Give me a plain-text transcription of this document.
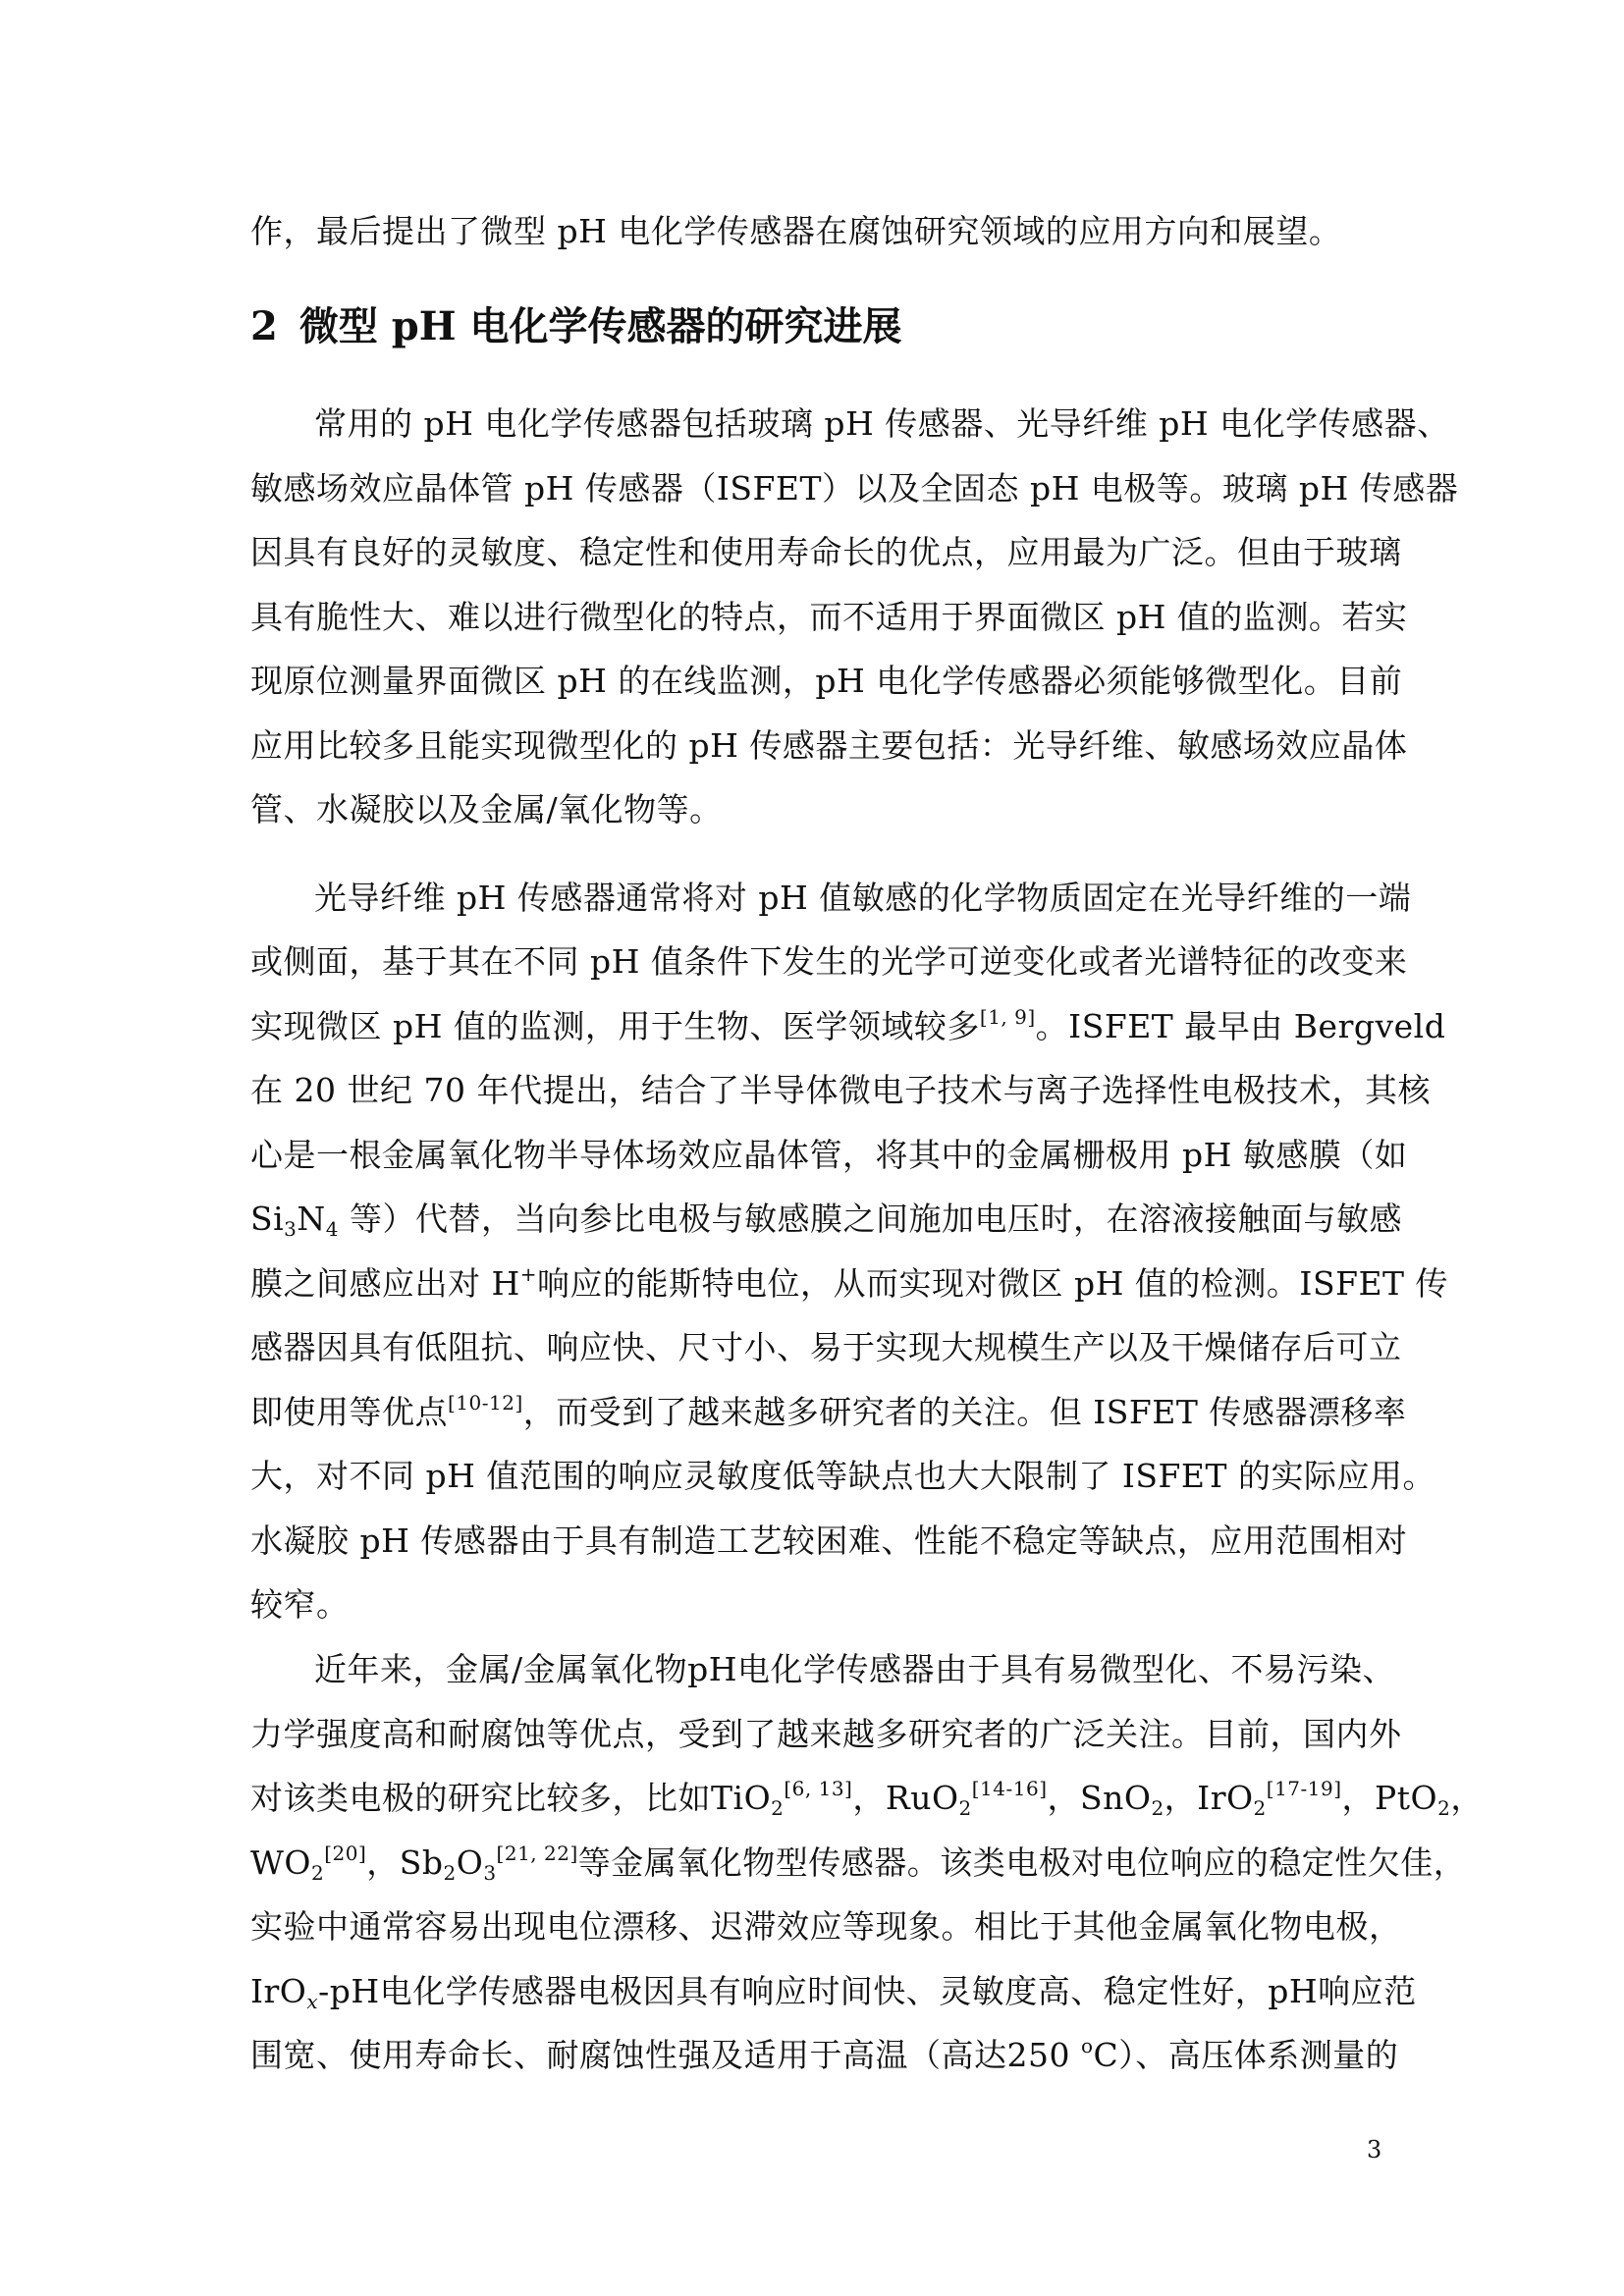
作，最后提出了微型 pH 电化学传感器在腐蚀研究领域的应用方向和展望。
2 微型 pH 电化学传感器的研究进展
常用的 pH 电化学传感器包括玻璃 pH 传感器、光导纤维 pH 电化学传感器、
敏感场效应晶体管 pH 传感器（ISFET）以及全固态 pH 电极等。玻璃 pH 传感器
因具有良好的灵敏度、稳定性和使用寿命长的优点，应用最为广泛。但由于玻璃
具有脆性大、难以进行微型化的特点，而不适用于界面微区 pH 值的监测。若实
现原位测量界面微区 pH 的在线监测，pH 电化学传感器必须能够微型化。目前
应用比较多且能实现微型化的 pH 传感器主要包括：光导纤维、敏感场效应晶体
管、水凝胶以及金属/氧化物等。
光导纤维 pH 传感器通常将对 pH 值敏感的化学物质固定在光导纤维的一端
或侧面，基于其在不同 pH 值条件下发生的光学可逆变化或者光谱特征的改变来
实现微区 pH 值的监测，用于生物、医学领域较多[1, 9]。ISFET 最早由 Bergveld
在 20 世纪 70 年代提出，结合了半导体微电子技术与离子选择性电极技术，其核
心是一根金属氧化物半导体场效应晶体管，将其中的金属栅极用 pH 敏感膜（如
$Si_3N_4$ 等）代替，当向参比电极与敏感膜之间施加电压时，在溶液接触面与敏感
膜之间感应出对 H+响应的能斯特电位，从而实现对微区 pH 值的检测。ISFET 传
感器因具有低阻抗、响应快、尺寸小、易于实现大规模生产以及干燥储存后可立
即使用等优点[10-12]，而受到了越来越多研究者的关注。但 ISFET 传感器漂移率
大，对不同 pH 值范围的响应灵敏度低等缺点也大大限制了 ISFET 的实际应用。
水凝胶 pH 传感器由于具有制造工艺较困难、性能不稳定等缺点，应用范围相对
较窄。
近年来，金属/金属氧化物pH电化学传感器由于具有易微型化、不易污染、
力学强度高和耐腐蚀等优点，受到了越来越多研究者的广泛关注。目前，国内外
对该类电极的研究比较多，比如TiO$_2$[6, 13]，RuO$_2$[14-16]，SnO$_2$，IrO$_2$[17-19]，PtO$_2$，
$WO_2[20]$，$Sb_2O_3[21, 22]$等金属氧化物型传感器。该类电极对电位响应的稳定性欠佳，
实验中通常容易出现电位漂移、迟滞效应等现象。相比于其他金属氧化物电极，
IrO$_x$-pH电化学传感器电极因具有响应时间快、灵敏度高、稳定性好，pH响应范
围宽、使用寿命长、耐腐蚀性强及适用于高温（高达250 $^o$C）、高压体系测量的
3
